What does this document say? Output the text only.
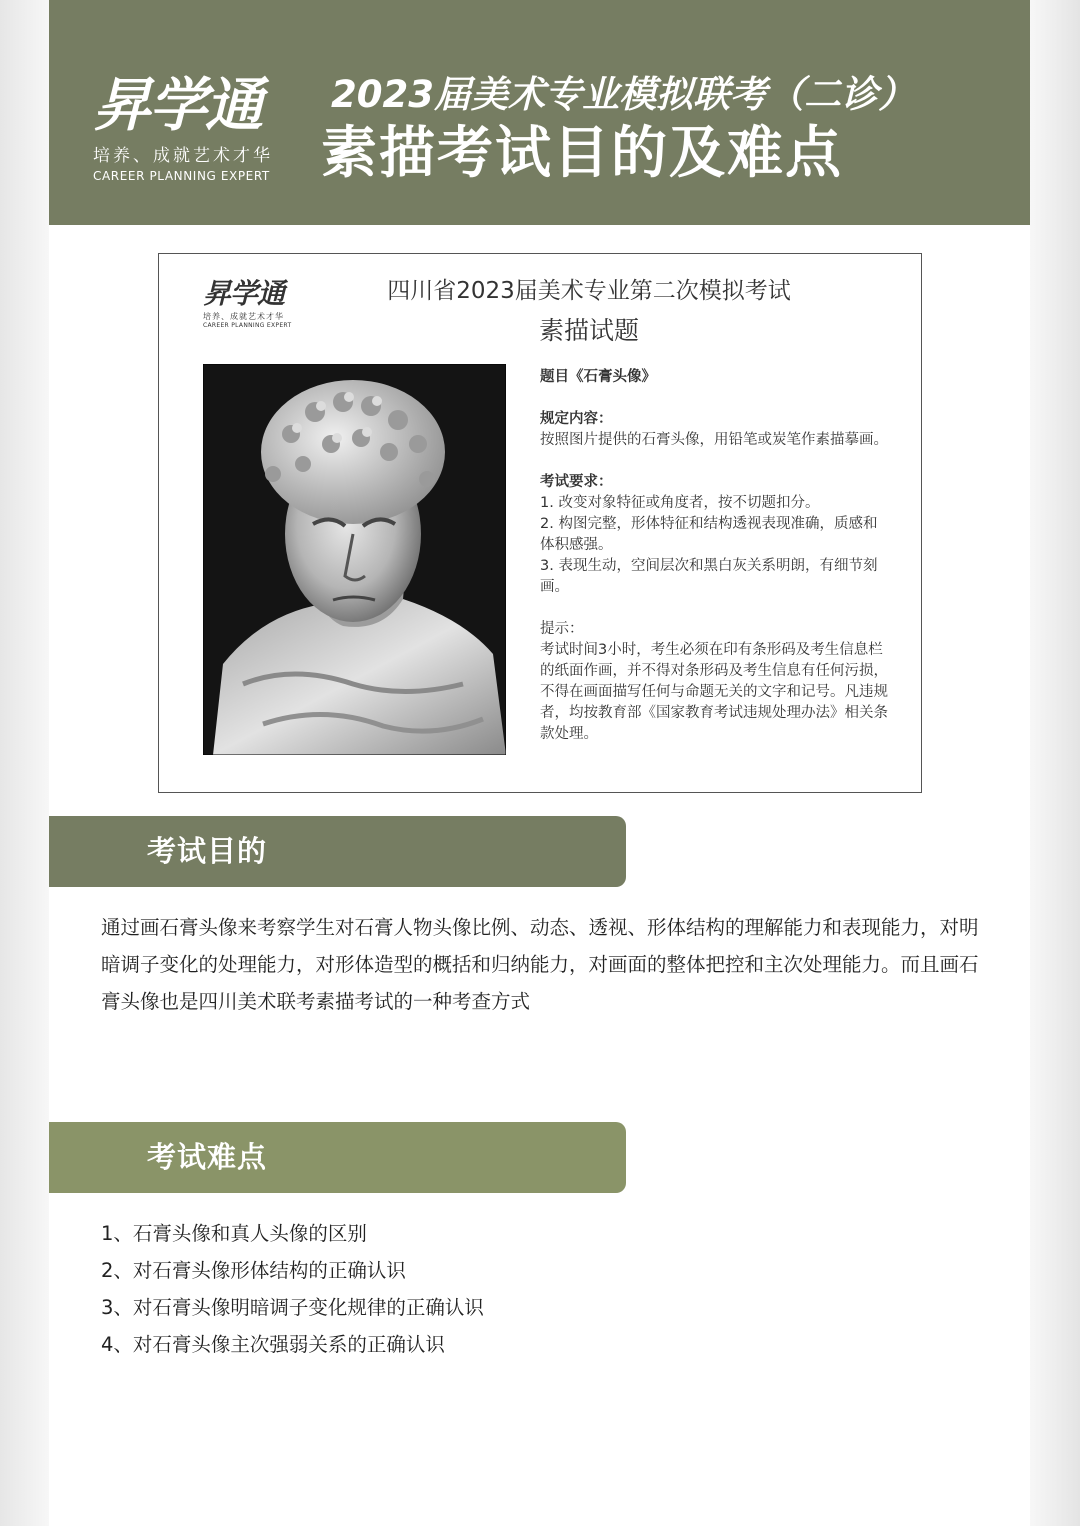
昇学通
培养、成就艺术才华
CAREER PLANNING EXPERT
2023届美术专业模拟联考（二诊）
素描考试目的及难点
昇学通
培养、成就艺术才华
CAREER PLANNING EXPERT
四川省2023届美术专业第二次模拟考试
素描试题
题目《石膏头像》
规定内容：
按照图片提供的石膏头像，用铅笔或炭笔作素描摹画。
考试要求：
1. 改变对象特征或角度者，按不切题扣分。
2. 构图完整，形体特征和结构透视表现准确，质感和体积感强。
3. 表现生动，空间层次和黑白灰关系明朗，有细节刻画。
提示：
考试时间3小时，考生必须在印有条形码及考生信息栏的纸面作画，并不得对条形码及考生信息有任何污损，不得在画面描写任何与命题无关的文字和记号。凡违规者，均按教育部《国家教育考试违规处理办法》相关条款处理。
考试目的

通过画石膏头像来考察学生对石膏人物头像比例、动态、透视、形体结构的理解能力和表现能力，对明暗调子变化的处理能力，对形体造型的概括和归纳能力，对画面的整体把控和主次处理能力。而且画石膏头像也是四川美术联考素描考试的一种考查方式

考试难点
1、石膏头像和真人头像的区别
2、对石膏头像形体结构的正确认识
3、对石膏头像明暗调子变化规律的正确认识
4、对石膏头像主次强弱关系的正确认识
